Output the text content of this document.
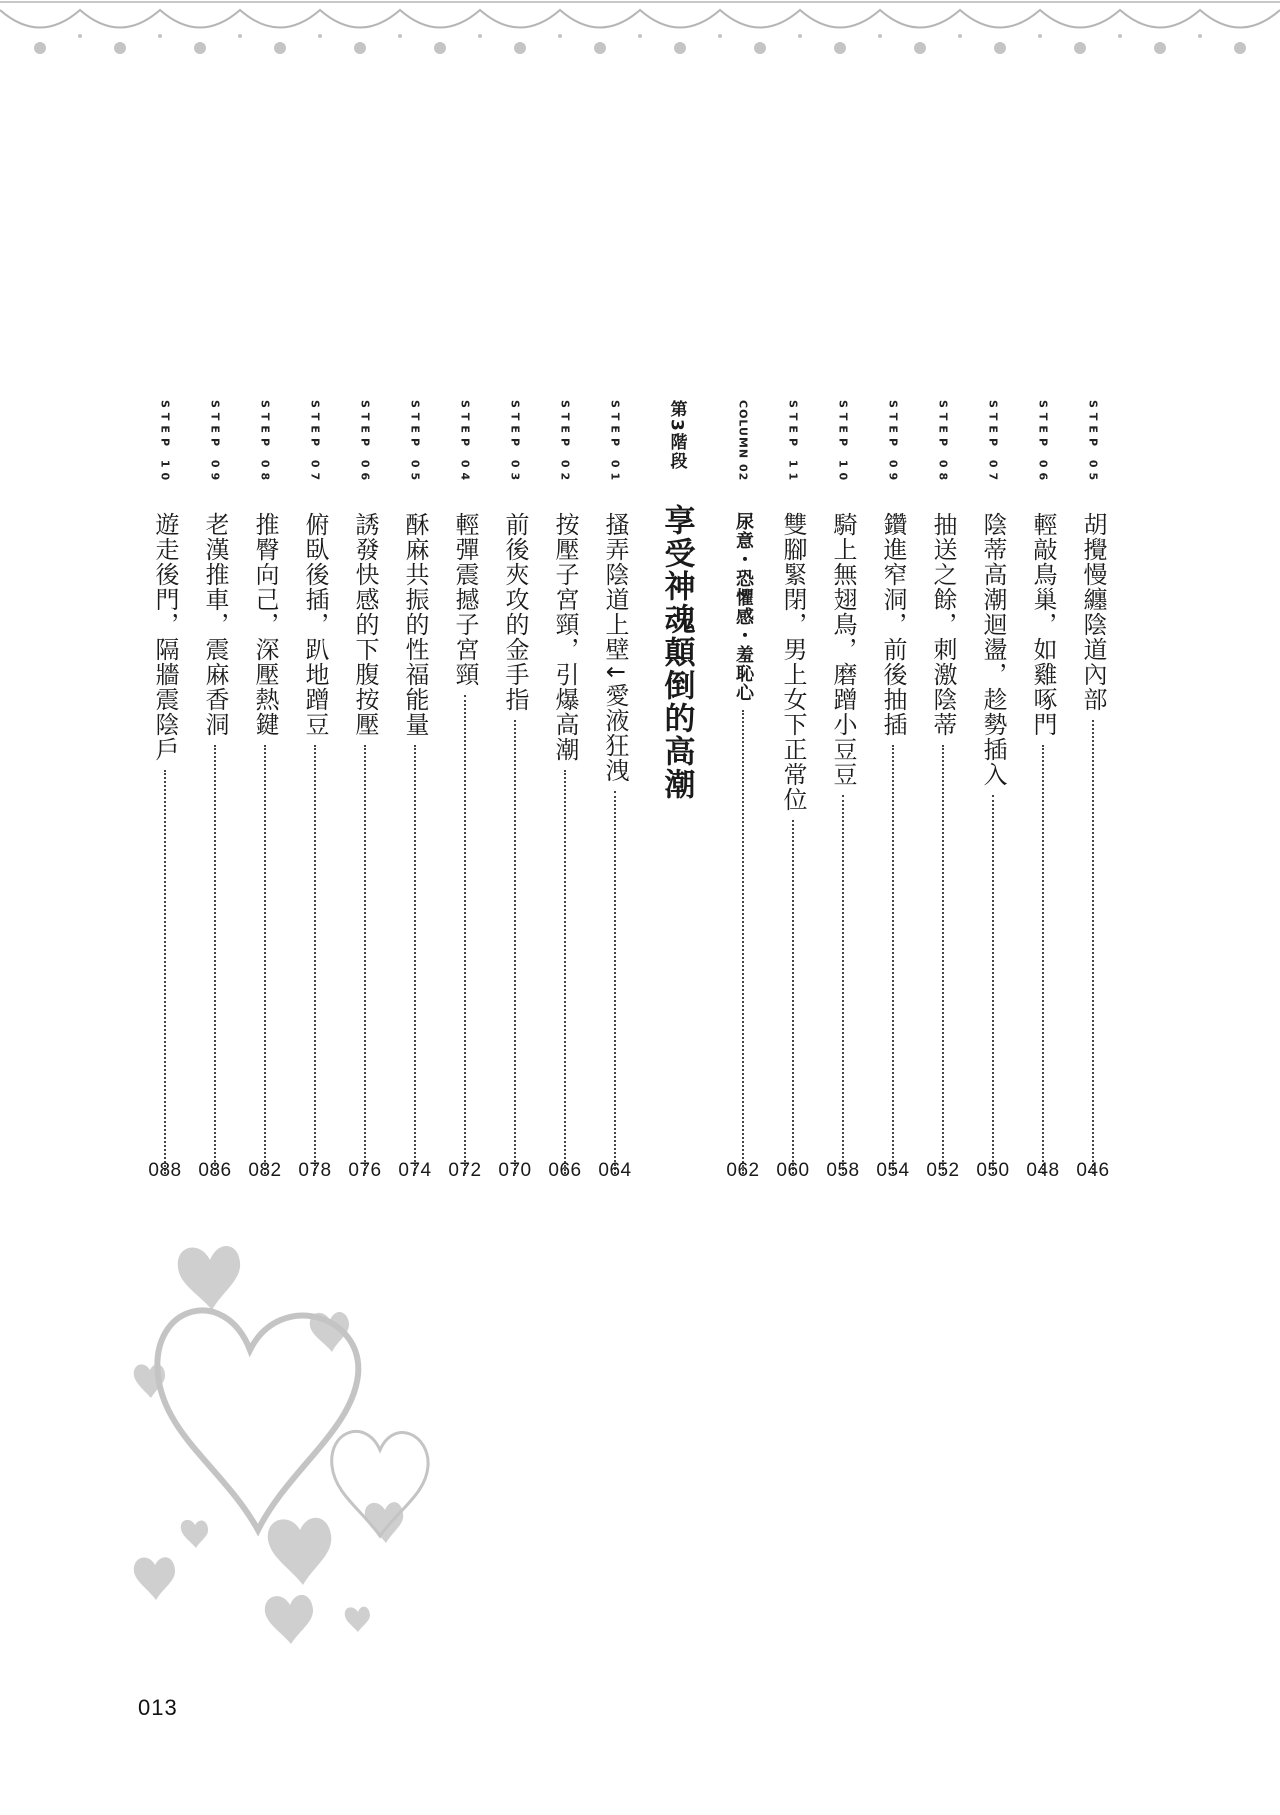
STEP 05
胡攪慢纏陰道內部
046
STEP 06
輕敲鳥巢，如雞啄門
048
STEP 07
陰蒂高潮迴盪，趁勢插入
050
STEP 08
抽送之餘，刺激陰蒂
052
STEP 09
鑽進窄洞，前後抽插
054
STEP 10
騎上無翅鳥，磨蹭小豆豆
058
STEP 11
雙腳緊閉，男上女下正常位
060
COLUMN 02
尿意・恐懼感・羞恥心
062
第3階段
享受神魂顛倒的高潮
STEP 01
搔弄陰道上壁↓愛液狂洩
064
STEP 02
按壓子宮頸，引爆高潮
066
STEP 03
前後夾攻的金手指
070
STEP 04
輕彈震撼子宮頸
072
STEP 05
酥麻共振的性福能量
074
STEP 06
誘發快感的下腹按壓
076
STEP 07
俯臥後插，趴地蹭豆
078
STEP 08
推臀向己，深壓熱鍵
082
STEP 09
老漢推車，震麻香洞
086
STEP 10
遊走後門，隔牆震陰戶
088
013
